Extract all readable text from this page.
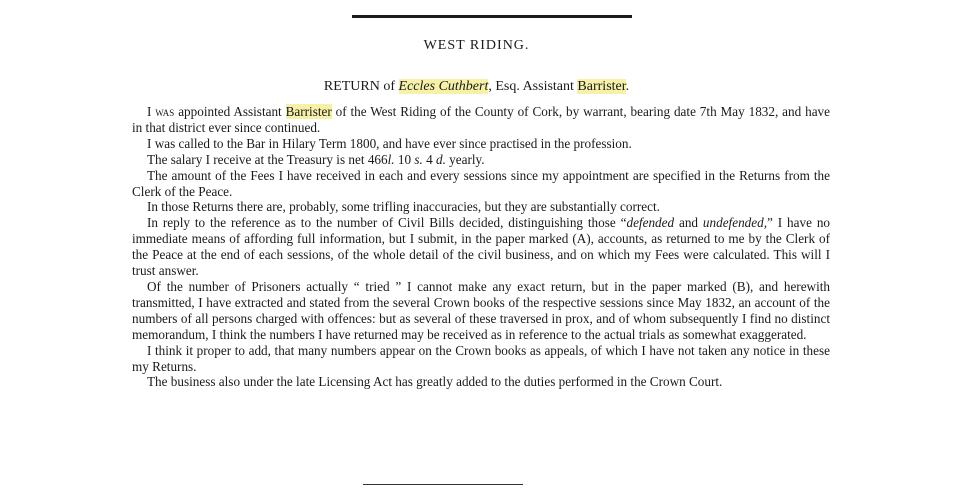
WEST RIDING.
RETURN of Eccles Cuthbert, Esq. Assistant Barrister.

I was appointed Assistant Barrister of the West Riding of the County of Cork, by warrant, bearing date 7th May 1832, and have in that district ever since continued.

I was called to the Bar in Hilary Term 1800, and have ever since practised in the profession.

The salary I receive at the Treasury is net 466l. 10 s. 4 d. yearly.

The amount of the Fees I have received in each and every sessions since my appointment are specified in the Returns from the Clerk of the Peace.

In those Returns there are, probably, some trifling inaccuracies, but they are substantially correct.

In reply to the reference as to the number of Civil Bills decided, distinguishing those “defended and undefended,” I have no immediate means of affording full information, but I submit, in the paper marked (A), accounts, as returned to me by the Clerk of the Peace at the end of each sessions, of the whole detail of the civil business, and on which my Fees were calculated. This will I trust answer.

Of the number of Prisoners actually “ tried ” I cannot make any exact return, but in the paper marked (B), and herewith transmitted, I have extracted and stated from the several Crown books of the respective sessions since May 1832, an account of the numbers of all persons charged with offences: but as several of these traversed in prox, and of whom subsequently I find no distinct memorandum, I think the numbers I have returned may be received as in reference to the actual trials as somewhat exaggerated.

I think it proper to add, that many numbers appear on the Crown books as appeals, of which I have not taken any notice in these my Returns.

The business also under the late Licensing Act has greatly added to the duties performed in the Crown Court.
